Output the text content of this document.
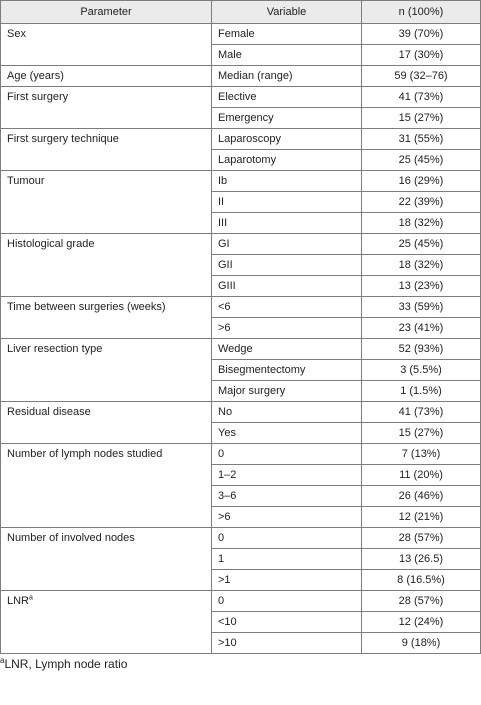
Parameter	Variable	n (100%)
Sex	Female	39 (70%)
	Male	17 (30%)
Age (years)	Median (range)	59 (32–76)
First surgery	Elective	41 (73%)
	Emergency	15 (27%)
First surgery technique	Laparoscopy	31 (55%)
	Laparotomy	25 (45%)
Tumour	Ib	16 (29%)
	II	22 (39%)
	III	18 (32%)
Histological grade	GI	25 (45%)
	GII	18 (32%)
	GIII	13 (23%)
Time between surgeries (weeks)	<6	33 (59%)
	>6	23 (41%)
Liver resection type	Wedge	52 (93%)
	Bisegmentectomy	3 (5.5%)
	Major surgery	1 (1.5%)
Residual disease	No	41 (73%)
	Yes	15 (27%)
Number of lymph nodes studied	0	7 (13%)
	1–2	11 (20%)
	3–6	26 (46%)
	>6	12 (21%)
Number of involved nodes	0	28 (57%)
	1	13 (26.5)
	>1	8 (16.5%)
LNR$^a$	0	28 (57%)
	<10	12 (24%)
	>10	9 (18%)
$^a$LNR, Lymph node ratio
